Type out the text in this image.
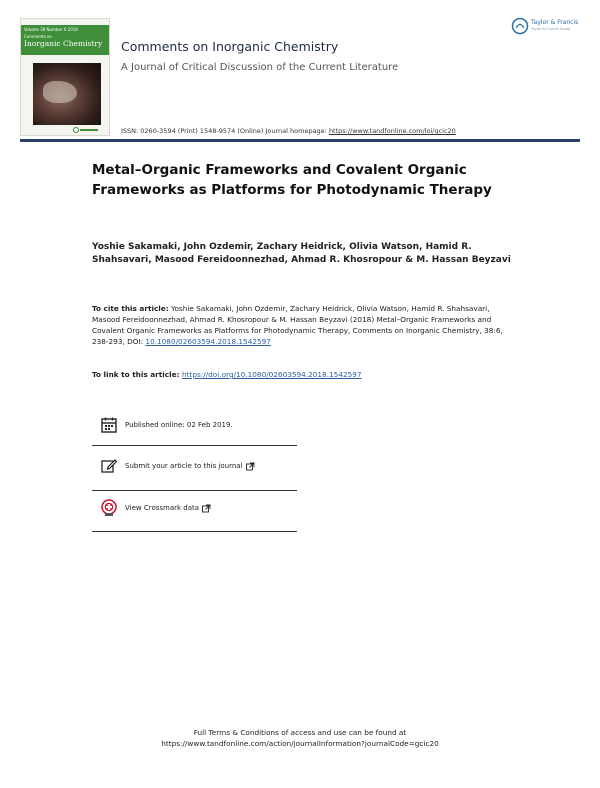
Volume 38 Number 6 2018
Comments on
Inorganic Chemistry	Comments on Inorganic Chemistry
A Journal of Critical Discussion of the Current Literature
ISSN: 0260-3594 (Print) 1548-9574 (Online) Journal homepage: https://www.tandfonline.com/loi/gcic20
Taylor & Francis
Taylor & Francis Group
Metal–Organic Frameworks and Covalent Organic Frameworks as Platforms for Photodynamic Therapy
Yoshie Sakamaki, John Ozdemir, Zachary Heidrick, Olivia Watson, Hamid R. Shahsavari, Masood Fereidoonnezhad, Ahmad R. Khosropour & M. Hassan Beyzavi
To cite this article: Yoshie Sakamaki, John Ozdemir, Zachary Heidrick, Olivia Watson, Hamid R. Shahsavari, Masood Fereidoonnezhad, Ahmad R. Khosropour & M. Hassan Beyzavi (2018) Metal–Organic Frameworks and Covalent Organic Frameworks as Platforms for Photodynamic Therapy, Comments on Inorganic Chemistry, 38:6, 238-293, DOI: 10.1080/02603594.2018.1542597
To link to this article: https://doi.org/10.1080/02603594.2018.1542597
Published online: 02 Feb 2019.
Submit your article to this journal
View Crossmark data
Full Terms & Conditions of access and use can be found at
https://www.tandfonline.com/action/journalInformation?journalCode=gcic20
